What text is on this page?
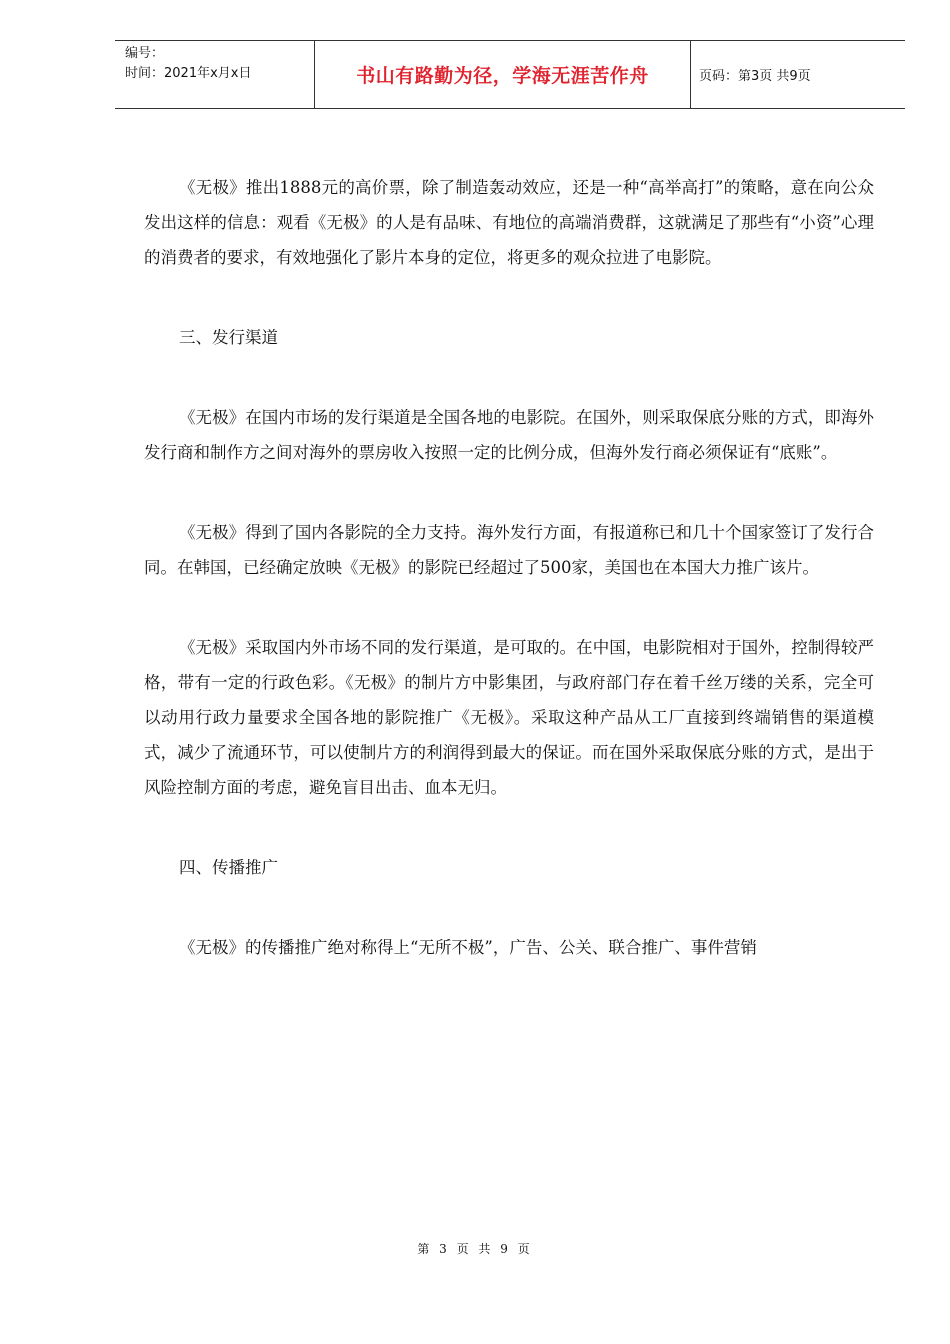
编号：
时间：2021年x月x日	书山有路勤为径，学海无涯苦作舟	页码：第3页 共9页

《无极》推出1888元的高价票，除了制造轰动效应，还是一种“高举高打”的策略，意在向公众发出这样的信息：观看《无极》的人是有品味、有地位的高端消费群，这就满足了那些有“小资”心理的消费者的要求，有效地强化了影片本身的定位，将更多的观众拉进了电影院。

三、发行渠道

《无极》在国内市场的发行渠道是全国各地的电影院。在国外，则采取保底分账的方式，即海外发行商和制作方之间对海外的票房收入按照一定的比例分成，但海外发行商必须保证有“底账”。

《无极》得到了国内各影院的全力支持。海外发行方面，有报道称已和几十个国家签订了发行合同。在韩国，已经确定放映《无极》的影院已经超过了500家，美国也在本国大力推广该片。

《无极》采取国内外市场不同的发行渠道，是可取的。在中国，电影院相对于国外，控制得较严格，带有一定的行政色彩。《无极》的制片方中影集团，与政府部门存在着千丝万缕的关系，完全可以动用行政力量要求全国各地的影院推广《无极》。采取这种产品从工厂直接到终端销售的渠道模式，减少了流通环节，可以使制片方的利润得到最大的保证。而在国外采取保底分账的方式，是出于风险控制方面的考虑，避免盲目出击、血本无归。

四、传播推广

《无极》的传播推广绝对称得上“无所不极”，广告、公关、联合推广、事件营销

第 3 页 共 9 页
